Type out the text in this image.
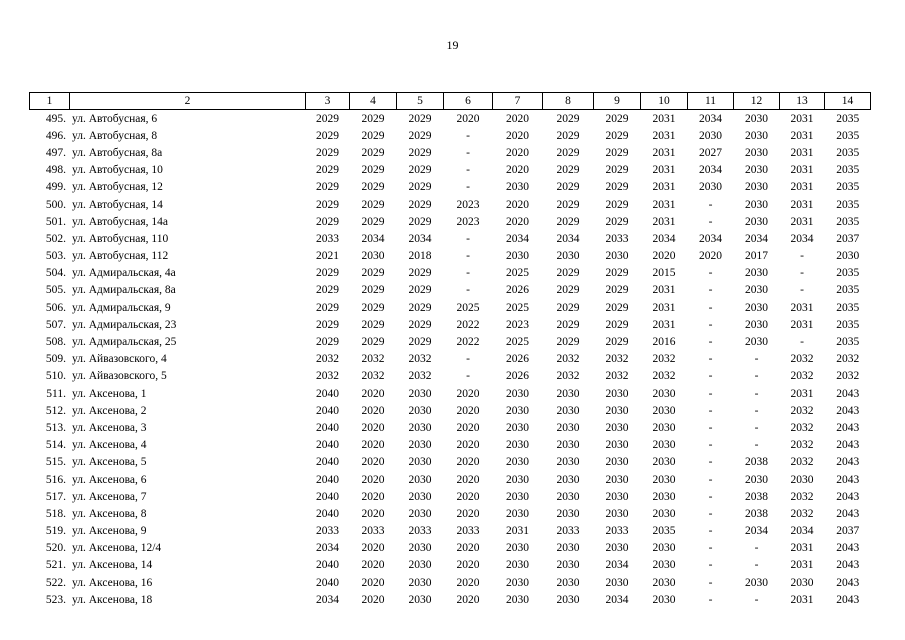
19
1	2	3	4	5	6	7	8	9	10	11	12	13	14
495.	ул. Автобусная, 6	2029	2029	2029	2020	2020	2029	2029	2031	2034	2030	2031	2035
496.	ул. Автобусная, 8	2029	2029	2029	-	2020	2029	2029	2031	2030	2030	2031	2035
497.	ул. Автобусная, 8а	2029	2029	2029	-	2020	2029	2029	2031	2027	2030	2031	2035
498.	ул. Автобусная, 10	2029	2029	2029	-	2020	2029	2029	2031	2034	2030	2031	2035
499.	ул. Автобусная, 12	2029	2029	2029	-	2030	2029	2029	2031	2030	2030	2031	2035
500.	ул. Автобусная, 14	2029	2029	2029	2023	2020	2029	2029	2031	-	2030	2031	2035
501.	ул. Автобусная, 14а	2029	2029	2029	2023	2020	2029	2029	2031	-	2030	2031	2035
502.	ул. Автобусная, 110	2033	2034	2034	-	2034	2034	2033	2034	2034	2034	2034	2037
503.	ул. Автобусная, 112	2021	2030	2018	-	2030	2030	2030	2020	2020	2017	-	2030
504.	ул. Адмиральская, 4а	2029	2029	2029	-	2025	2029	2029	2015	-	2030	-	2035
505.	ул. Адмиральская, 8а	2029	2029	2029	-	2026	2029	2029	2031	-	2030	-	2035
506.	ул. Адмиральская, 9	2029	2029	2029	2025	2025	2029	2029	2031	-	2030	2031	2035
507.	ул. Адмиральская, 23	2029	2029	2029	2022	2023	2029	2029	2031	-	2030	2031	2035
508.	ул. Адмиральская, 25	2029	2029	2029	2022	2025	2029	2029	2016	-	2030	-	2035
509.	ул. Айвазовского, 4	2032	2032	2032	-	2026	2032	2032	2032	-	-	2032	2032
510.	ул. Айвазовского, 5	2032	2032	2032	-	2026	2032	2032	2032	-	-	2032	2032
511.	ул. Аксенова, 1	2040	2020	2030	2020	2030	2030	2030	2030	-	-	2031	2043
512.	ул. Аксенова, 2	2040	2020	2030	2020	2030	2030	2030	2030	-	-	2032	2043
513.	ул. Аксенова, 3	2040	2020	2030	2020	2030	2030	2030	2030	-	-	2032	2043
514.	ул. Аксенова, 4	2040	2020	2030	2020	2030	2030	2030	2030	-	-	2032	2043
515.	ул. Аксенова, 5	2040	2020	2030	2020	2030	2030	2030	2030	-	2038	2032	2043
516.	ул. Аксенова, 6	2040	2020	2030	2020	2030	2030	2030	2030	-	2030	2030	2043
517.	ул. Аксенова, 7	2040	2020	2030	2020	2030	2030	2030	2030	-	2038	2032	2043
518.	ул. Аксенова, 8	2040	2020	2030	2020	2030	2030	2030	2030	-	2038	2032	2043
519.	ул. Аксенова, 9	2033	2033	2033	2033	2031	2033	2033	2035	-	2034	2034	2037
520.	ул. Аксенова, 12/4	2034	2020	2030	2020	2030	2030	2030	2030	-	-	2031	2043
521.	ул. Аксенова, 14	2040	2020	2030	2020	2030	2030	2034	2030	-	-	2031	2043
522.	ул. Аксенова, 16	2040	2020	2030	2020	2030	2030	2030	2030	-	2030	2030	2043
523.	ул. Аксенова, 18	2034	2020	2030	2020	2030	2030	2034	2030	-	-	2031	2043
